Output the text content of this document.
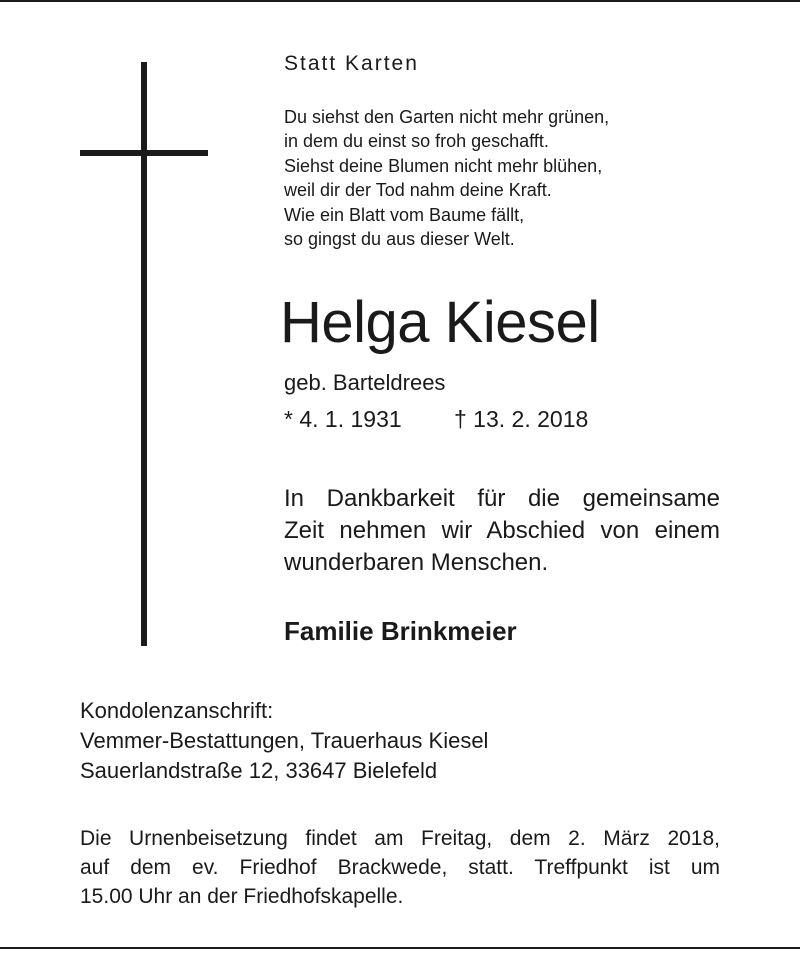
Statt Karten
Du siehst den Garten nicht mehr grünen,
in dem du einst so froh geschafft.
Siehst deine Blumen nicht mehr blühen,
weil dir der Tod nahm deine Kraft.
Wie ein Blatt vom Baume fällt,
so gingst du aus dieser Welt.
Helga Kiesel
geb. Barteldrees
* 4. 1. 1931 † 13. 2. 2018
In Dankbarkeit für die gemeinsame
Zeit nehmen wir Abschied von einem
wunderbaren Menschen.
Familie Brinkmeier
Kondolenzanschrift:
Vemmer-Bestattungen, Trauerhaus Kiesel
Sauerlandstraße 12, 33647 Bielefeld
Die Urnenbeisetzung findet am Freitag, dem 2. März 2018,
auf dem ev. Friedhof Brackwede, statt. Treffpunkt ist um
15.00 Uhr an der Friedhofskapelle.
